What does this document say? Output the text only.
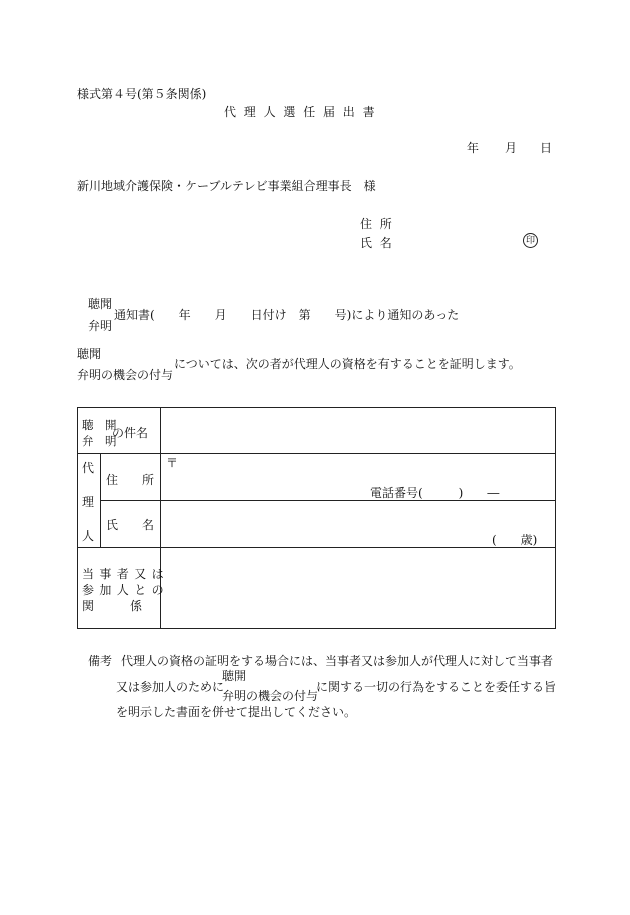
様式第４号(第５条関係)
代理人選任届出書
年 月 日
新川地域介護保険・ケーブルテレビ事業組合理事長　様
住所
氏名	印
聴聞
弁明
通知書(　　年　　月　　日付け　第　　号)により通知のあった
聴聞
弁明の機会の付与
については、次の者が代理人の資格を有することを証明します。
聴　開
弁　明
の件名
代
理
人
住　　所
〒
電話番号(　　　)　　―
氏　　名
(　　歳)
当事者又は
参加人との
関　　　係
備考 代理人の資格の証明をする場合には、当事者又は参加人が代理人に対して当事者
又は参加人のために
聴開
弁明の機会の付与
に関する一切の行為をすることを委任する旨
を明示した書面を併せて提出してください。
